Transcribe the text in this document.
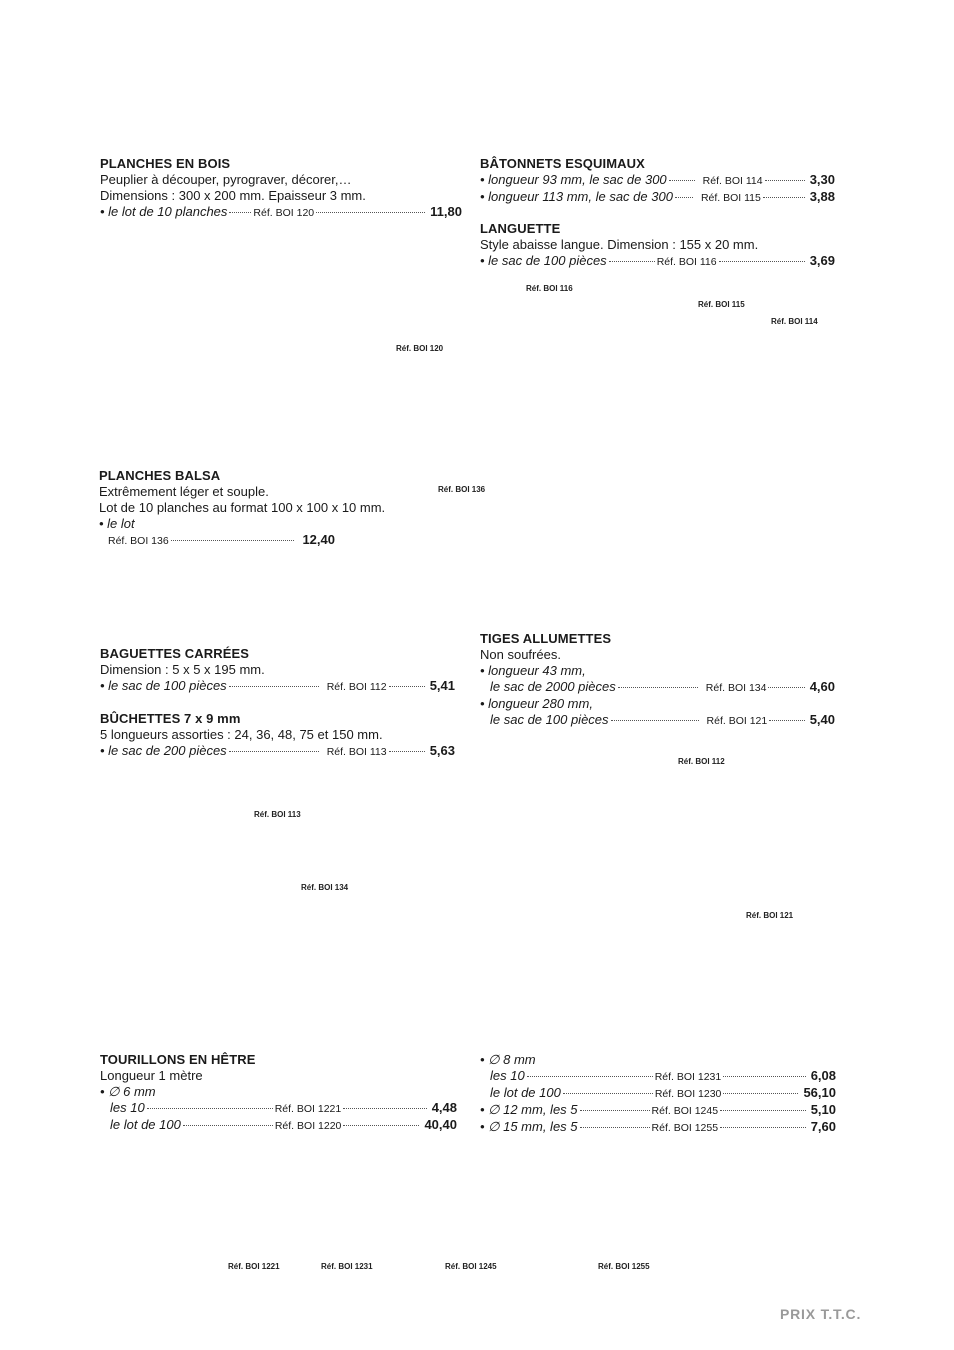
PLANCHES EN BOIS
Peuplier à découper, pyrograver, décorer,…
Dimensions : 300 x 200 mm. Epaisseur 3 mm.
• le lot de 10 planches Réf. BOI 120	11,80
BÂTONNETS ESQUIMAUX
• longueur 93 mm, le sac de 300	Réf. BOI 114	3,30
• longueur 113 mm, le sac de 300	Réf. BOI 115	3,88
LANGUETTE
Style abaisse langue. Dimension : 155 x 20 mm.
• le sac de 100 pièces	Réf. BOI 116	3,69
PLANCHES BALSA
Extrêmement léger et souple.
Lot de 10 planches au format 100 x 100 x 10 mm.
• le lot
Réf. BOI 136	12,40
BAGUETTES CARRÉES
Dimension : 5 x 5 x 195 mm.
• le sac de 100 pièces	Réf. BOI 112	5,41
BÛCHETTES 7 x 9 mm
5 longueurs assorties : 24, 36, 48, 75 et 150 mm.
• le sac de 200 pièces	Réf. BOI 113	5,63
TIGES ALLUMETTES
Non soufrées.
• longueur 43 mm,
le sac de 2000 pièces	Réf. BOI 134	4,60
• longueur 280 mm,
le sac de 100 pièces	Réf. BOI 121	5,40
TOURILLONS EN HÊTRE
Longueur 1 mètre
• ∅ 6 mm
les 10	Réf. BOI 1221	4,48
le lot de 100	Réf. BOI 1220	40,40
• ∅ 8 mm
les 10	Réf. BOI 1231	6,08
le lot de 100	Réf. BOI 1230	56,10
• ∅ 12 mm, les 5	Réf. BOI 1245	5,10
• ∅ 15 mm, les 5	Réf. BOI 1255	7,60
Réf. BOI 116
Réf. BOI 115
Réf. BOI 114
Réf. BOI 120
Réf. BOI 136
Réf. BOI 112
Réf. BOI 113
Réf. BOI 134
Réf. BOI 121
Réf. BOI 1221	Réf. BOI 1231	Réf. BOI 1245	Réf. BOI 1255
PRIX T.T.C.
